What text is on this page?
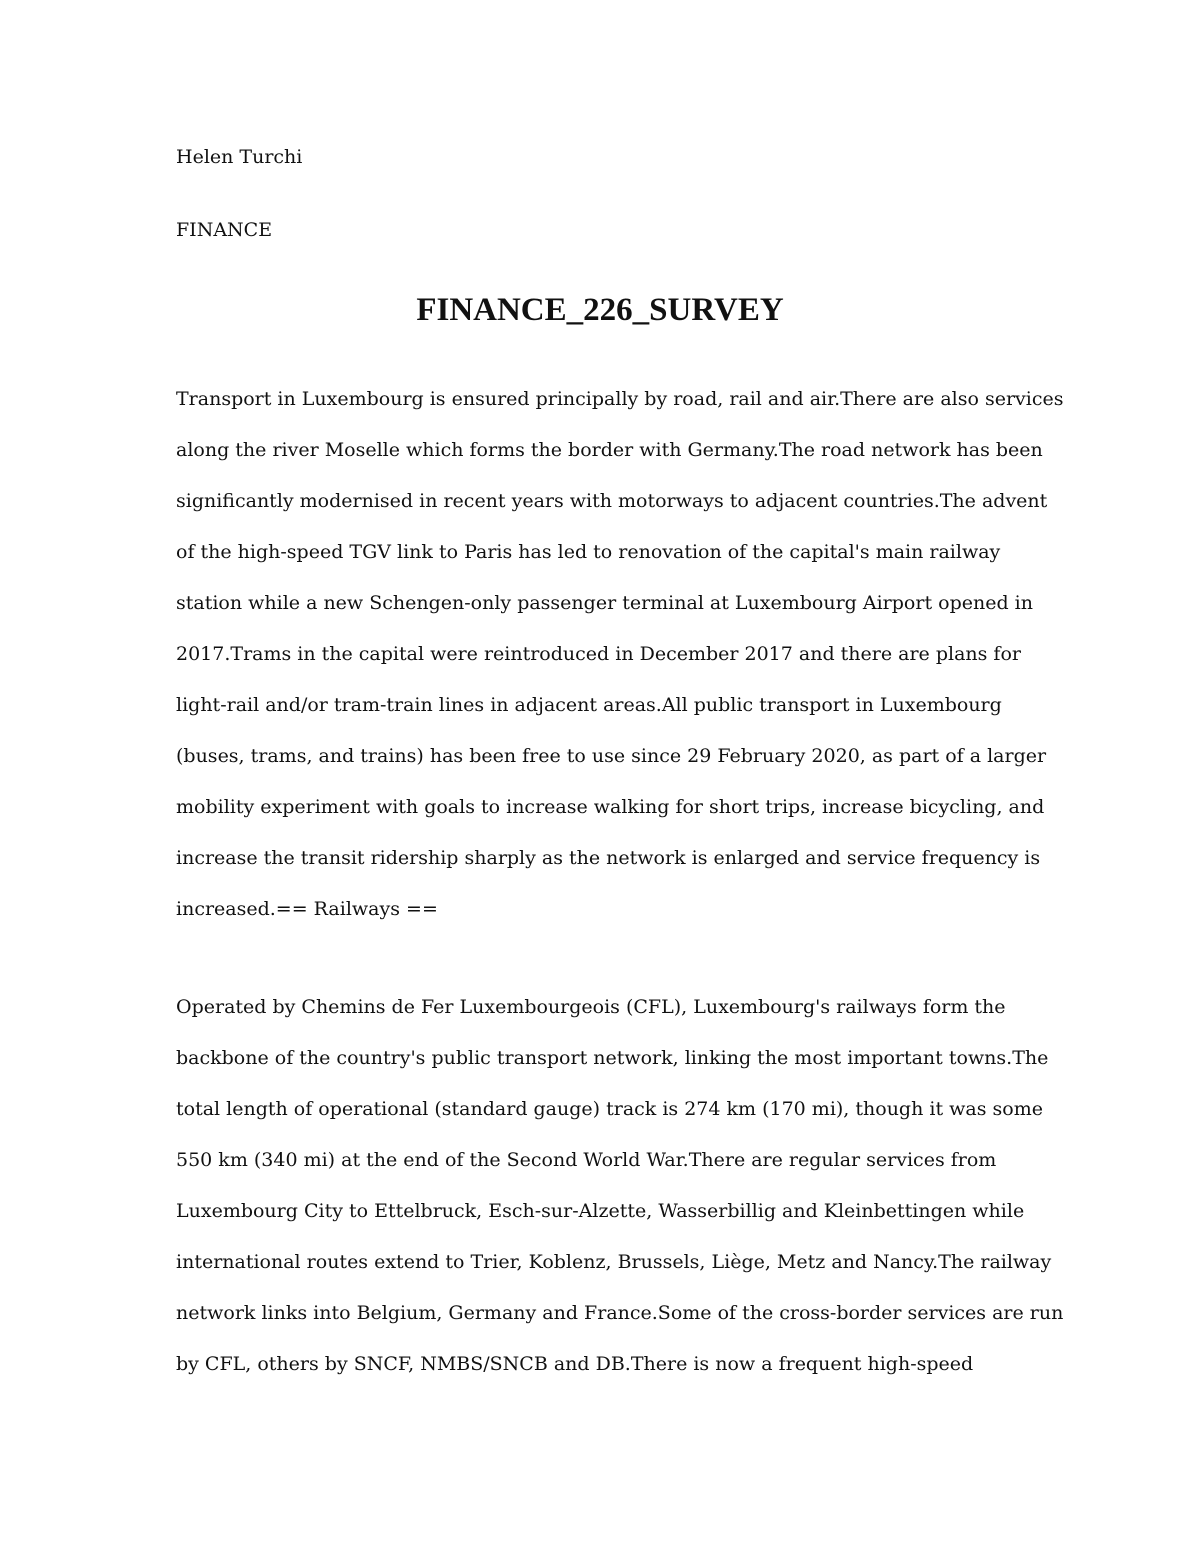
Helen Turchi
FINANCE
FINANCE_226_SURVEY
Transport in Luxembourg is ensured principally by road, rail and air.There are also services
along the river Moselle which forms the border with Germany.The road network has been
significantly modernised in recent years with motorways to adjacent countries.The advent
of the high-speed TGV link to Paris has led to renovation of the capital's main railway
station while a new Schengen-only passenger terminal at Luxembourg Airport opened in
2017.Trams in the capital were reintroduced in December 2017 and there are plans for
light-rail and/or tram-train lines in adjacent areas.All public transport in Luxembourg
(buses, trams, and trains) has been free to use since 29 February 2020, as part of a larger
mobility experiment with goals to increase walking for short trips, increase bicycling, and
increase the transit ridership sharply as the network is enlarged and service frequency is
increased.== Railways ==
Operated by Chemins de Fer Luxembourgeois (CFL), Luxembourg's railways form the
backbone of the country's public transport network, linking the most important towns.The
total length of operational (standard gauge) track is 274 km (170 mi), though it was some
550 km (340 mi) at the end of the Second World War.There are regular services from
Luxembourg City to Ettelbruck, Esch-sur-Alzette, Wasserbillig and Kleinbettingen while
international routes extend to Trier, Koblenz, Brussels, Liège, Metz and Nancy.The railway
network links into Belgium, Germany and France.Some of the cross-border services are run
by CFL, others by SNCF, NMBS/SNCB and DB.There is now a frequent high-speed
